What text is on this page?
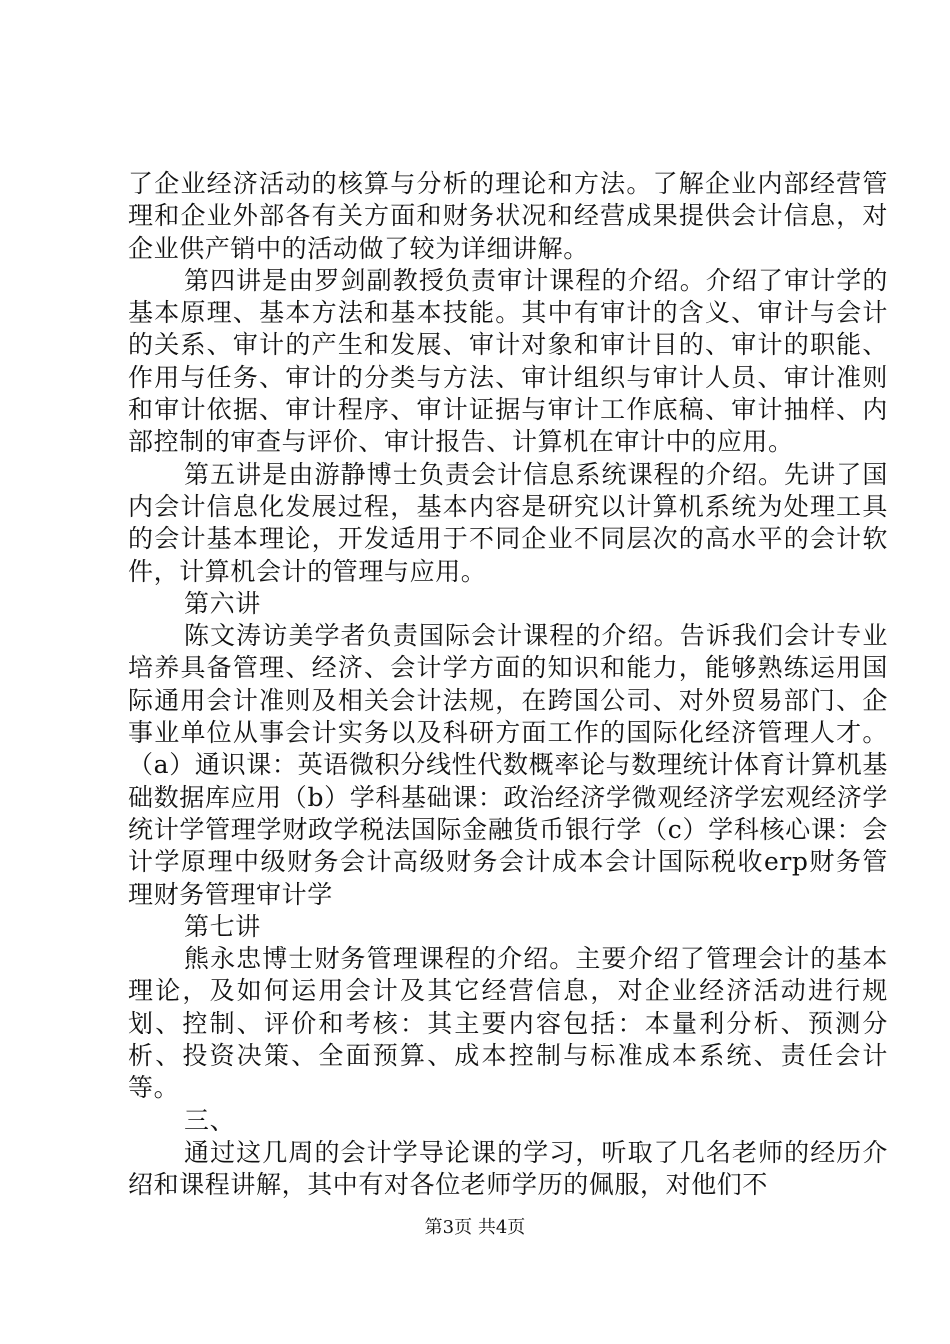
了企业经济活动的核算与分析的理论和方法。了解企业内部经营管理和企业外部各有关方面和财务状况和经营成果提供会计信息，对企业供产销中的活动做了较为详细讲解。

第四讲是由罗剑副教授负责审计课程的介绍。介绍了审计学的基本原理、基本方法和基本技能。其中有审计的含义、审计与会计的关系、审计的产生和发展、审计对象和审计目的、审计的职能、作用与任务、审计的分类与方法、审计组织与审计人员、审计准则和审计依据、审计程序、审计证据与审计工作底稿、审计抽样、内部控制的审查与评价、审计报告、计算机在审计中的应用。

第五讲是由游静博士负责会计信息系统课程的介绍。先讲了国内会计信息化发展过程，基本内容是研究以计算机系统为处理工具的会计基本理论，开发适用于不同企业不同层次的高水平的会计软件，计算机会计的管理与应用。

第六讲

陈文涛访美学者负责国际会计课程的介绍。告诉我们会计专业培养具备管理、经济、会计学方面的知识和能力，能够熟练运用国际通用会计准则及相关会计法规，在跨国公司、对外贸易部门、企事业单位从事会计实务以及科研方面工作的国际化经济管理人才。（a）通识课：英语微积分线性代数概率论与数理统计体育计算机基础数据库应用（b）学科基础课：政治经济学微观经济学宏观经济学统计学管理学财政学税法国际金融货币银行学（c）学科核心课：会计学原理中级财务会计高级财务会计成本会计国际税收erp财务管理财务管理审计学

第七讲

熊永忠博士财务管理课程的介绍。主要介绍了管理会计的基本理论，及如何运用会计及其它经营信息，对企业经济活动进行规划、控制、评价和考核：其主要内容包括：本量利分析、预测分析、投资决策、全面预算、成本控制与标准成本系统、责任会计等。

三、

通过这几周的会计学导论课的学习，听取了几名老师的经历介绍和课程讲解，其中有对各位老师学历的佩服，对他们不

第3页 共4页
